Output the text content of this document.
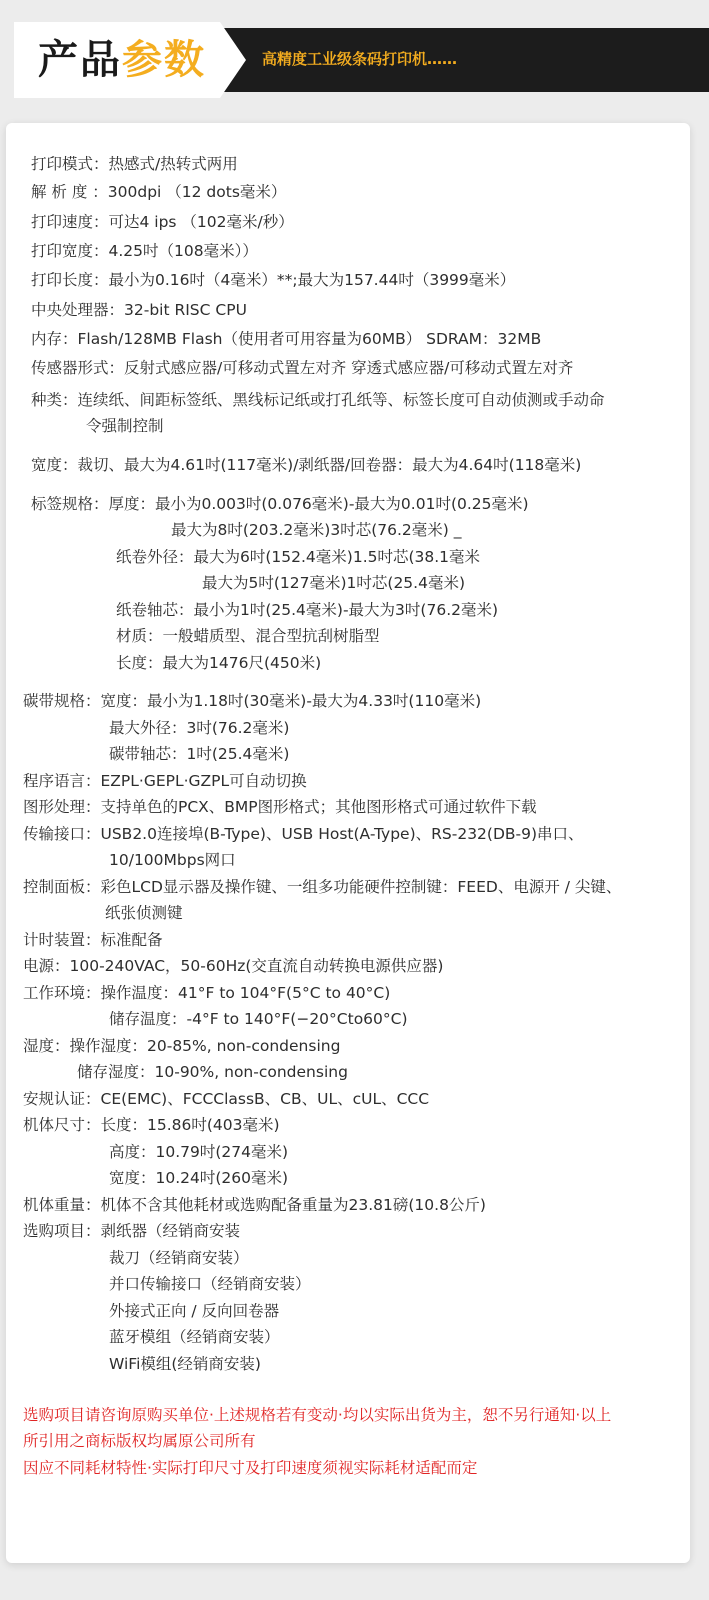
产品参数	高精度工业级条码打印机……
打印模式：热感式/热转式两用
解 析 度 ：300dpi （12 dots毫米）
打印速度：可达4 ips （102毫米/秒）
打印宽度：4.25吋（108毫米））
打印长度：最小为0.16吋（4毫米）**;最大为157.44吋（3999毫米）
中央处理器：32-bit RISC CPU
内存：Flash/128MB Flash（使用者可用容量为60MB） SDRAM：32MB
传感器形式：反射式感应器/可移动式置左对齐 穿透式感应器/可移动式置左对齐
种类：连续纸、间距标签纸、黑线标记纸或打孔纸等、标签长度可自动侦测或手动命
令强制控制
宽度：裁切、最大为4.61吋(117毫米)/剥纸器/回卷器：最大为4.64吋(118毫米)
标签规格：厚度：最小为0.003吋(0.076毫米)-最大为0.01吋(0.25毫米)
最大为8吋(203.2毫米)3吋芯(76.2毫米) _
纸卷外径：最大为6吋(152.4毫米)1.5吋芯(38.1毫米
最大为5吋(127毫米)1吋芯(25.4毫米)
纸卷轴芯：最小为1吋(25.4毫米)-最大为3吋(76.2毫米)
材质：一般蜡质型、混合型抗刮树脂型
长度：最大为1476尺(450米)
碳带规格：宽度：最小为1.18吋(30毫米)-最大为4.33吋(110毫米)
最大外径：3吋(76.2毫米)
碳带轴芯：1吋(25.4毫米)
程序语言：EZPL·GEPL·GZPL可自动切换
图形处理：支持单色的PCX、BMP图形格式；其他图形格式可通过软件下载
传输接口：USB2.0连接埠(B-Type)、USB Host(A-Type)、RS-232(DB-9)串口、
10/100Mbps网口
控制面板：彩色LCD显示器及操作键、一组多功能硬件控制键：FEED、电源开 / 尖键、
纸张侦测键
计时装置：标准配备
电源：100-240VAC，50-60Hz(交直流自动转换电源供应器)
工作环境：操作温度：41°F to 104°F(5°C to 40°C)
储存温度：-4°F to 140°F(−20°Cto60°C)
湿度：操作湿度：20-85%, non-condensing
储存湿度：10-90%, non-condensing
安规认证：CE(EMC)、FCCClassB、CB、UL、cUL、CCC
机体尺寸：长度：15.86吋(403毫米)
高度：10.79吋(274毫米)
宽度：10.24吋(260毫米)
机体重量：机体不含其他耗材或选购配备重量为23.81磅(10.8公斤)
选购项目：剥纸器（经销商安装
裁刀（经销商安装）
并口传输接口（经销商安装）
外接式正向 / 反向回卷器
蓝牙模组（经销商安装）
WiFi模组(经销商安装)
选购项目请咨询原购买单位·上述规格若有变动·均以实际出货为主，恕不另行通知·以上
所引用之商标版权均属原公司所有
因应不同耗材特性·实际打印尺寸及打印速度须视实际耗材适配而定
